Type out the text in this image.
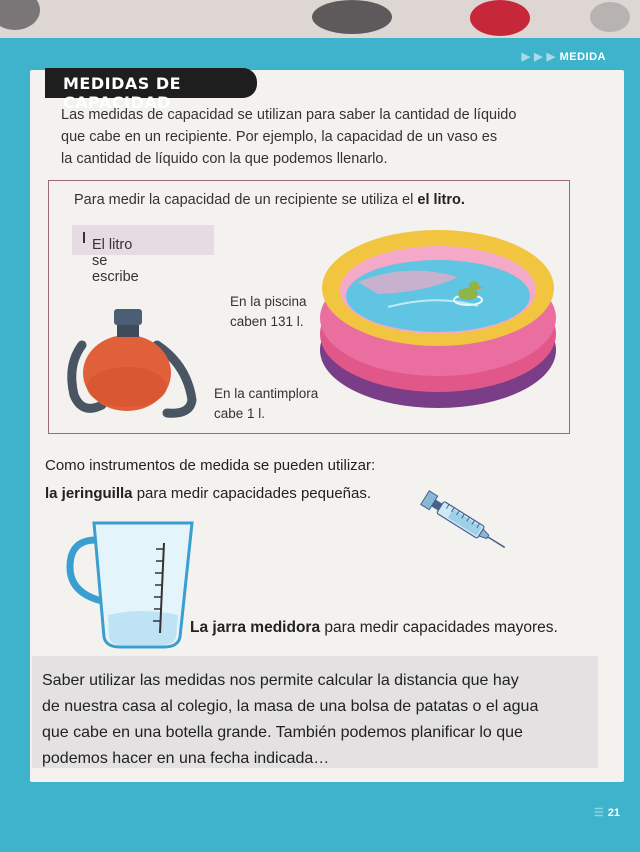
▶ ▶ ▶ MEDIDA
MEDIDAS DE CAPACIDAD
Las medidas de capacidad se utilizan para saber la cantidad de líquido
que cabe en un recipiente. Por ejemplo, la capacidad de un vaso es
la cantidad de líquido con la que podemos llenarlo.
Para medir la capacidad de un recipiente se utiliza el el litro.
El litro se escribe
l
En la piscina
caben 131 l.
En la cantimplora
cabe 1 l.
Como instrumentos de medida se pueden utilizar:
la jeringuilla para medir capacidades pequeñas.
La jarra medidora para medir capacidades mayores.
Saber utilizar las medidas nos permite calcular la distancia que hay
de nuestra casa al colegio, la masa de una bolsa de patatas o el agua
que cabe en una botella grande. También podemos planificar lo que
podemos hacer en una fecha indicada…
☰ 21
